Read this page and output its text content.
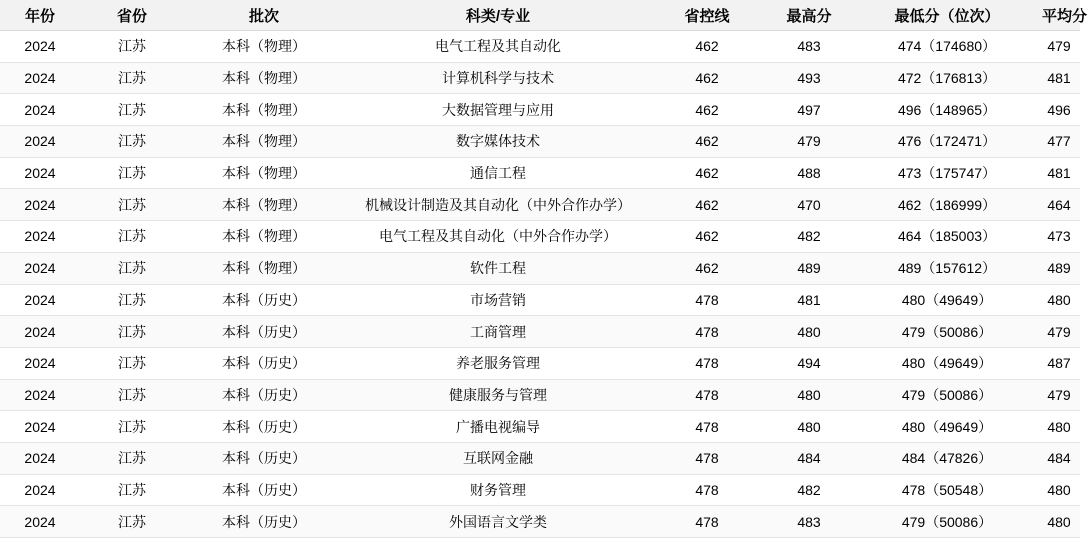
年份	省份	批次	科类/专业	省控线	最高分	最低分（位次）	平均分
2024	江苏	本科（物理）	电气工程及其自动化	462	483	474（174680）	479
2024	江苏	本科（物理）	计算机科学与技术	462	493	472（176813）	481
2024	江苏	本科（物理）	大数据管理与应用	462	497	496（148965）	496
2024	江苏	本科（物理）	数字媒体技术	462	479	476（172471）	477
2024	江苏	本科（物理）	通信工程	462	488	473（175747）	481
2024	江苏	本科（物理）	机械设计制造及其自动化（中外合作办学）	462	470	462（186999）	464
2024	江苏	本科（物理）	电气工程及其自动化（中外合作办学）	462	482	464（185003）	473
2024	江苏	本科（物理）	软件工程	462	489	489（157612）	489
2024	江苏	本科（历史）	市场营销	478	481	480（49649）	480
2024	江苏	本科（历史）	工商管理	478	480	479（50086）	479
2024	江苏	本科（历史）	养老服务管理	478	494	480（49649）	487
2024	江苏	本科（历史）	健康服务与管理	478	480	479（50086）	479
2024	江苏	本科（历史）	广播电视编导	478	480	480（49649）	480
2024	江苏	本科（历史）	互联网金融	478	484	484（47826）	484
2024	江苏	本科（历史）	财务管理	478	482	478（50548）	480
2024	江苏	本科（历史）	外国语言文学类	478	483	479（50086）	480
